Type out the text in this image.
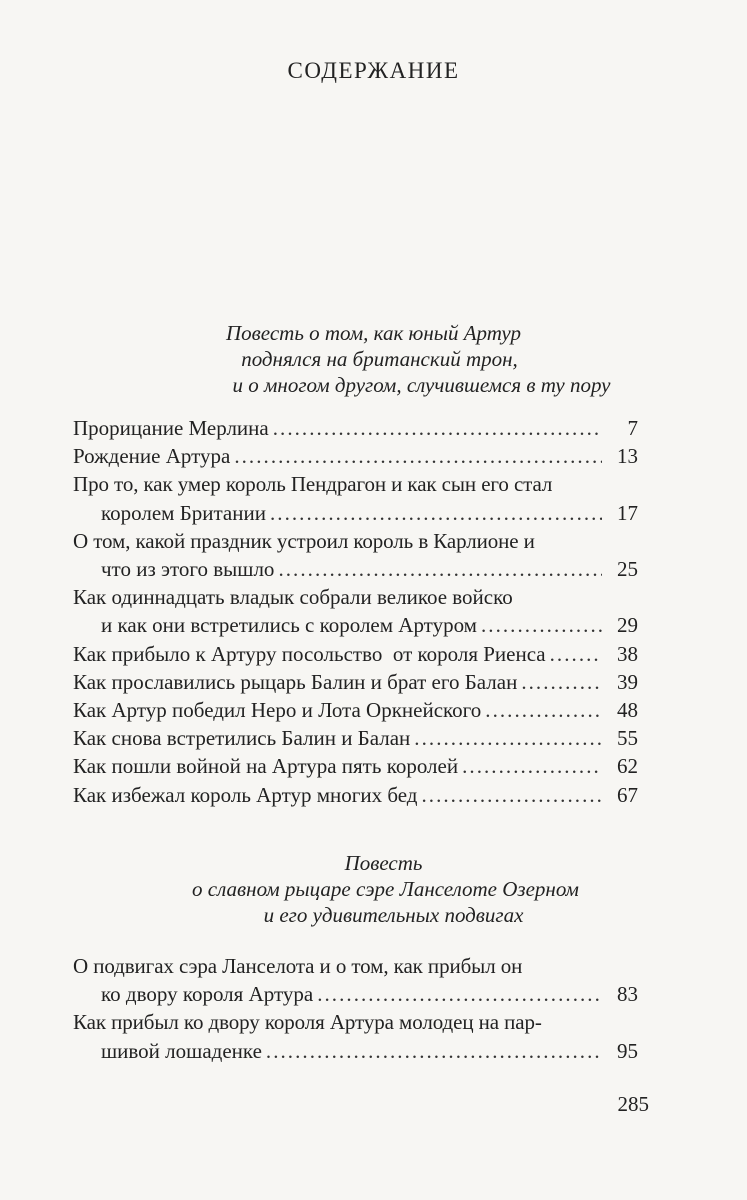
СОДЕРЖАНИЕ
Повесть о том, как юный Артур
поднялся на британский трон,
и о многом другом, случившемся в ту пору
Прорицание Мерлина . . .	7
Рождение Артура . . .	13
Про то, как умер король Пендрагон и как сын его стал
королем Британии . . .	17
О том, какой праздник устроил король в Карлионе и
что из этого вышло . . .	25
Как одиннадцать владык собрали великое войско
и как они встретились с королем Артуром . . .	29
Как прибыло к Артуру посольство  от короля Риенса . . .	38
Как прославились рыцарь Балин и брат его Балан . . .	39
Как Артур победил Неро и Лота Оркнейского . . .	48
Как снова встретились Балин и Балан . . .	55
Как пошли войной на Артура пять королей . . .	62
Как избежал король Артур многих бед . . .	67
Повесть
о славном рыцаре сэре Ланселоте Озерном
и его удивительных подвигах
О подвигах сэра Ланселота и о том, как прибыл он
ко двору короля Артура . . .	83
Как прибыл ко двору короля Артура молодец на пар-
шивой лошаденке . . .	95
285
